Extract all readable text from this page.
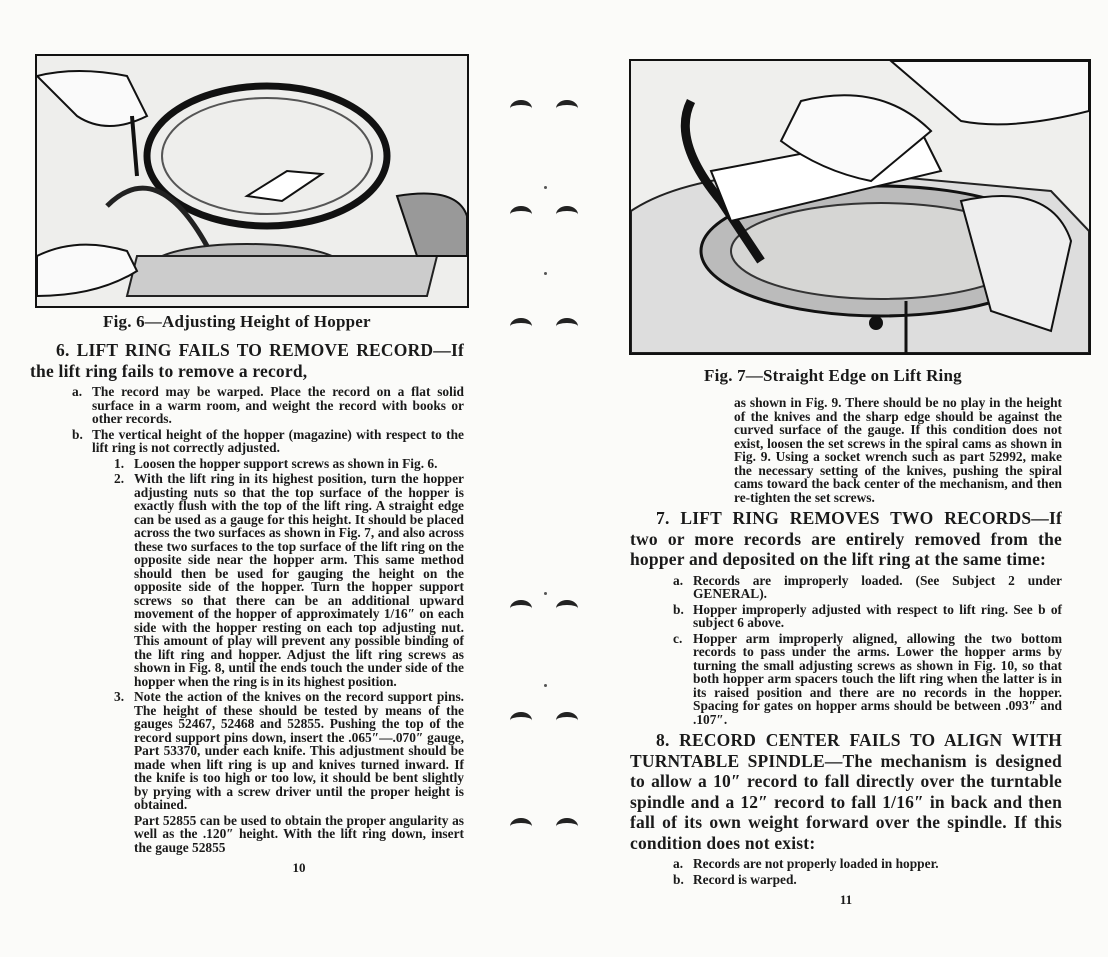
Fig. 6—Adjusting Height of Hopper
6. LIFT RING FAILS TO REMOVE RECORD—If the lift ring fails to remove a record,
a. The record may be warped. Place the record on a flat solid surface in a warm room, and weight the record with books or other records.
b. The vertical height of the hopper (magazine) with respect to the lift ring is not correctly adjusted.
1. Loosen the hopper support screws as shown in Fig. 6.
2. With the lift ring in its highest position, turn the hopper adjusting nuts so that the top surface of the hopper is exactly flush with the top of the lift ring. A straight edge can be used as a gauge for this height. It should be placed across the two surfaces as shown in Fig. 7, and also across these two surfaces to the top surface of the lift ring on the opposite side near the hopper arm. This same method should then be used for gauging the height on the opposite side of the hopper. Turn the hopper support screws so that there can be an additional upward movement of the hopper of approximately 1/16″ on each side with the hopper resting on each top adjusting nut. This amount of play will prevent any possible binding of the lift ring and hopper. Adjust the lift ring screws as shown in Fig. 8, until the ends touch the under side of the hopper when the ring is in its highest position.
3. Note the action of the knives on the record support pins. The height of these should be tested by means of the gauges 52467, 52468 and 52855. Pushing the top of the record support pins down, insert the .065″—.070″ gauge, Part 53370, under each knife. This adjustment should be made when lift ring is up and knives turned inward. If the knife is too high or too low, it should be bent slightly by prying with a screw driver until the proper height is obtained.
Part 52855 can be used to obtain the proper angularity as well as the .120″ height. With the lift ring down, insert the gauge 52855
10
Fig. 7—Straight Edge on Lift Ring
as shown in Fig. 9. There should be no play in the height of the knives and the sharp edge should be against the curved surface of the gauge. If this condition does not exist, loosen the set screws in the spiral cams as shown in Fig. 9. Using a socket wrench such as part 52992, make the necessary setting of the knives, pushing the spiral cams toward the back center of the mechanism, and then re-tighten the set screws.
7. LIFT RING REMOVES TWO RECORDS—If two or more records are entirely removed from the hopper and deposited on the lift ring at the same time:
a. Records are improperly loaded. (See Subject 2 under GENERAL).
b. Hopper improperly adjusted with respect to lift ring. See b of subject 6 above.
c. Hopper arm improperly aligned, allowing the two bottom records to pass under the arms. Lower the hopper arms by turning the small adjusting screws as shown in Fig. 10, so that both hopper arm spacers touch the lift ring when the latter is in its raised position and there are no records in the hopper. Spacing for gates on hopper arms should be between .093″ and .107″.
8. RECORD CENTER FAILS TO ALIGN WITH TURNTABLE SPINDLE—The mechanism is designed to allow a 10″ record to fall directly over the turntable spindle and a 12″ record to fall 1/16″ in back and then fall of its own weight forward over the spindle. If this condition does not exist:
a. Records are not properly loaded in hopper.
b. Record is warped.
11
